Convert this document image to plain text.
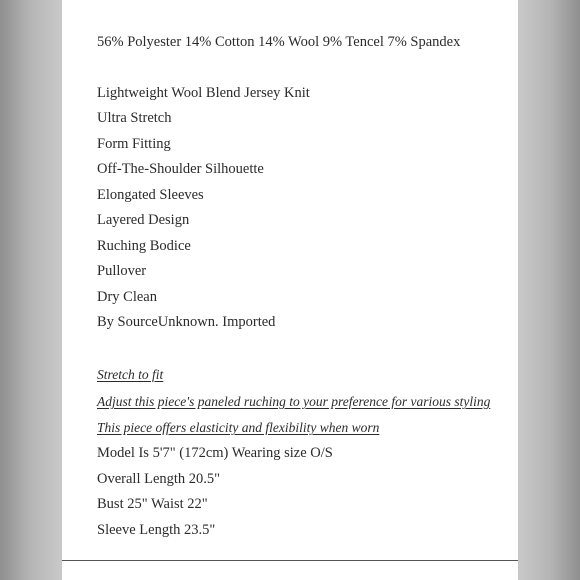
56% Polyester 14% Cotton 14% Wool 9% Tencel 7% Spandex
Lightweight Wool Blend Jersey Knit
Ultra Stretch
Form Fitting
Off-The-Shoulder Silhouette
Elongated Sleeves
Layered Design
Ruching Bodice
Pullover
Dry Clean
By SourceUnknown. Imported
Stretch to fit
Adjust this piece's paneled ruching to your preference for various styling
This piece offers elasticity and flexibility when worn
Model Is 5'7" (172cm) Wearing size O/S
Overall Length 20.5"
Bust 25" Waist 22"
Sleeve Length 23.5"
